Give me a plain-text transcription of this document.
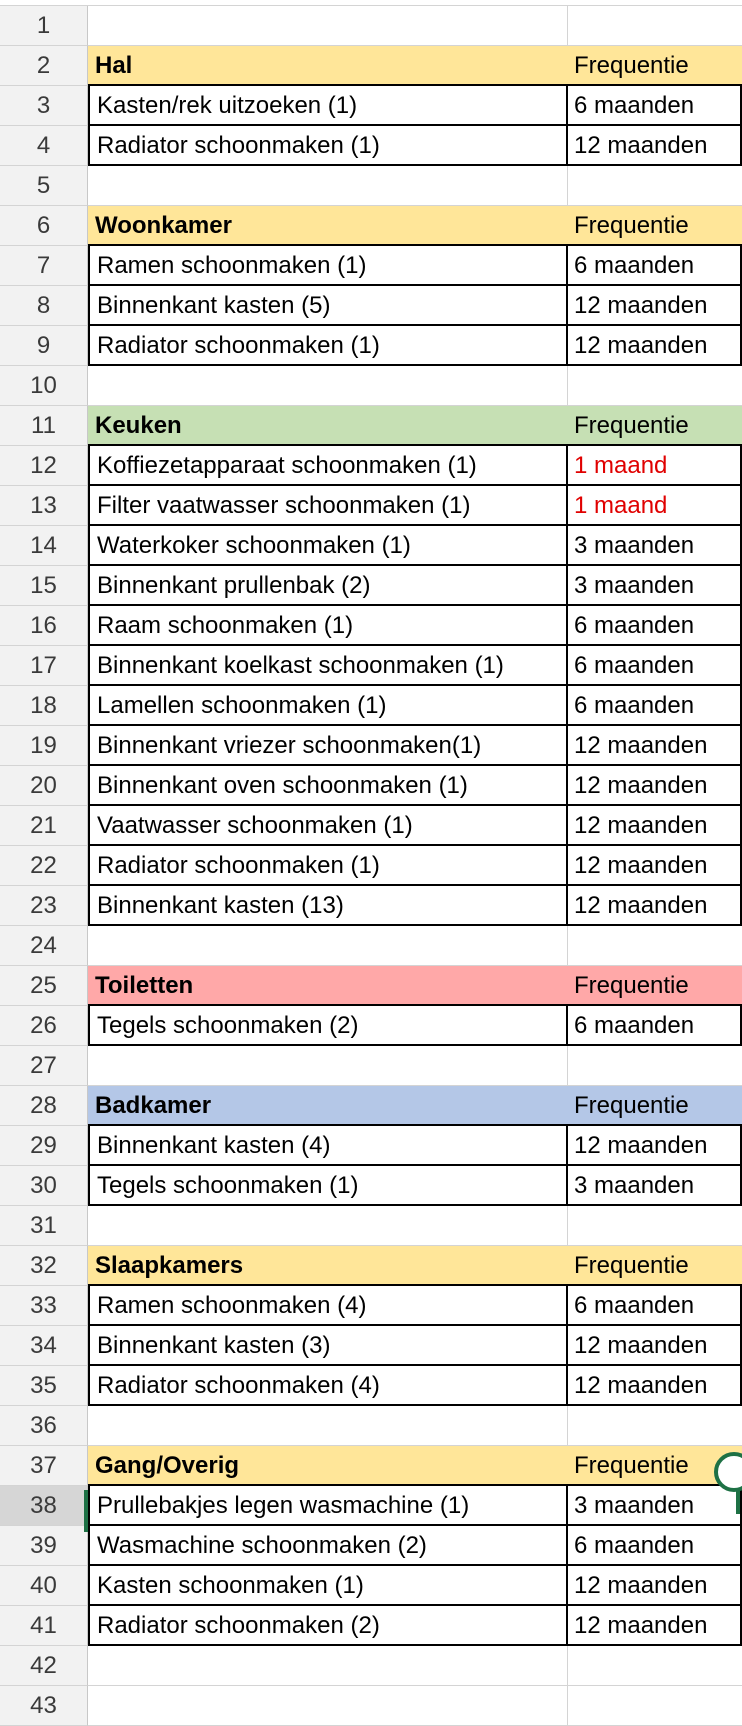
1
2	Hal	Frequentie
3	Kasten/rek uitzoeken (1)	6 maanden
4	Radiator schoonmaken (1)	12 maanden
5
6	Woonkamer	Frequentie
7	Ramen schoonmaken (1)	6 maanden
8	Binnenkant kasten (5)	12 maanden
9	Radiator schoonmaken (1)	12 maanden
10
11	Keuken	Frequentie
12	Koffiezetapparaat schoonmaken (1)	1 maand
13	Filter vaatwasser schoonmaken (1)	1 maand
14	Waterkoker schoonmaken (1)	3 maanden
15	Binnenkant prullenbak (2)	3 maanden
16	Raam schoonmaken (1)	6 maanden
17	Binnenkant koelkast schoonmaken (1)	6 maanden
18	Lamellen schoonmaken (1)	6 maanden
19	Binnenkant vriezer schoonmaken(1)	12 maanden
20	Binnenkant oven schoonmaken (1)	12 maanden
21	Vaatwasser schoonmaken (1)	12 maanden
22	Radiator schoonmaken (1)	12 maanden
23	Binnenkant kasten (13)	12 maanden
24
25	Toiletten	Frequentie
26	Tegels schoonmaken (2)	6 maanden
27
28	Badkamer	Frequentie
29	Binnenkant kasten (4)	12 maanden
30	Tegels schoonmaken (1)	3 maanden
31
32	Slaapkamers	Frequentie
33	Ramen schoonmaken (4)	6 maanden
34	Binnenkant kasten (3)	12 maanden
35	Radiator schoonmaken (4)	12 maanden
36
37	Gang/Overig	Frequentie
38	Prullebakjes legen wasmachine (1)	3 maanden
39	Wasmachine schoonmaken (2)	6 maanden
40	Kasten schoonmaken (1)	12 maanden
41	Radiator schoonmaken (2)	12 maanden
42
43
